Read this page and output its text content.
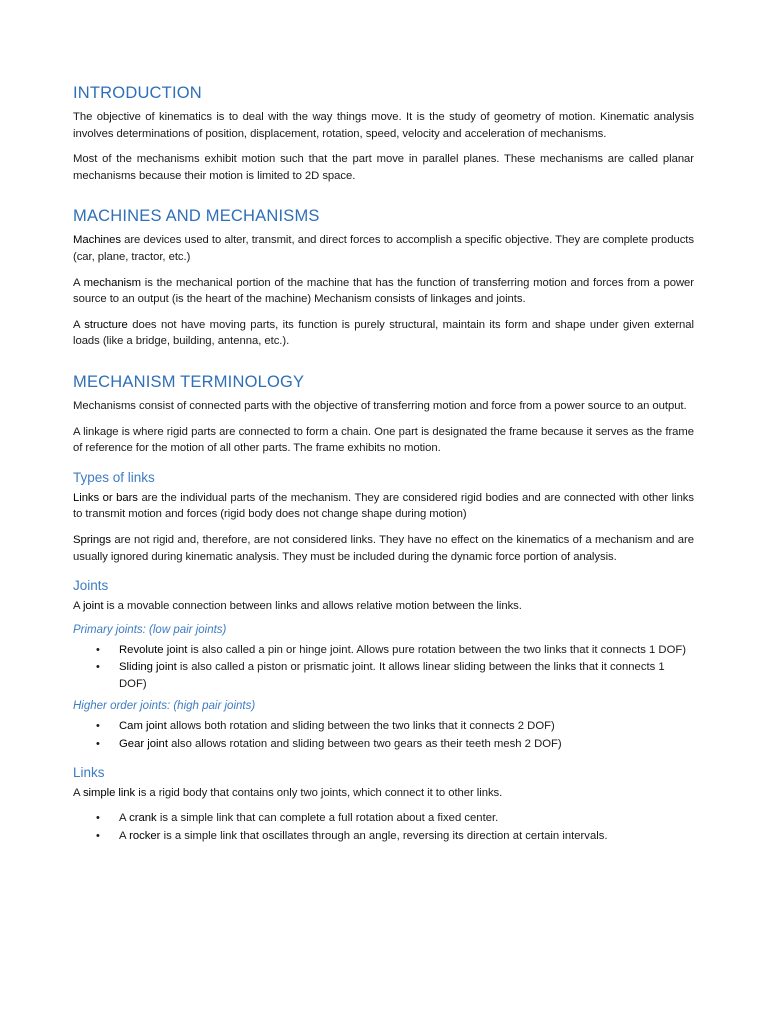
INTRODUCTION

The objective of kinematics is to deal with the way things move. It is the study of geometry of motion. Kinematic analysis involves determinations of position, displacement, rotation, speed, velocity and acceleration of mechanisms.

Most of the mechanisms exhibit motion such that the part move in parallel planes. These mechanisms are called planar mechanisms because their motion is limited to 2D space.

MACHINES AND MECHANISMS

Machines are devices used to alter, transmit, and direct forces to accomplish a specific objective. They are complete products (car, plane, tractor, etc.)

A mechanism is the mechanical portion of the machine that has the function of transferring motion and forces from a power source to an output (is the heart of the machine) Mechanism consists of linkages and joints.

A structure does not have moving parts, its function is purely structural, maintain its form and shape under given external loads (like a bridge, building, antenna, etc.).

MECHANISM TERMINOLOGY

Mechanisms consist of connected parts with the objective of transferring motion and force from a power source to an output.

A linkage is where rigid parts are connected to form a chain. One part is designated the frame because it serves as the frame of reference for the motion of all other parts. The frame exhibits no motion.

Types of links

Links or bars are the individual parts of the mechanism. They are considered rigid bodies and are connected with other links to transmit motion and forces (rigid body does not change shape during motion)

Springs are not rigid and, therefore, are not considered links. They have no effect on the kinematics of a mechanism and are usually ignored during kinematic analysis. They must be included during the dynamic force portion of analysis.

Joints

A joint is a movable connection between links and allows relative motion between the links.

Primary joints: (low pair joints)
• Revolute joint is also called a pin or hinge joint. Allows pure rotation between the two links that it connects 1 DOF)
• Sliding joint is also called a piston or prismatic joint. It allows linear sliding between the links that it connects 1 DOF)
Higher order joints: (high pair joints)
• Cam joint allows both rotation and sliding between the two links that it connects 2 DOF)
• Gear joint also allows rotation and sliding between two gears as their teeth mesh 2 DOF)
Links

A simple link is a rigid body that contains only two joints, which connect it to other links.

• A crank is a simple link that can complete a full rotation about a fixed center.
• A rocker is a simple link that oscillates through an angle, reversing its direction at certain intervals.
